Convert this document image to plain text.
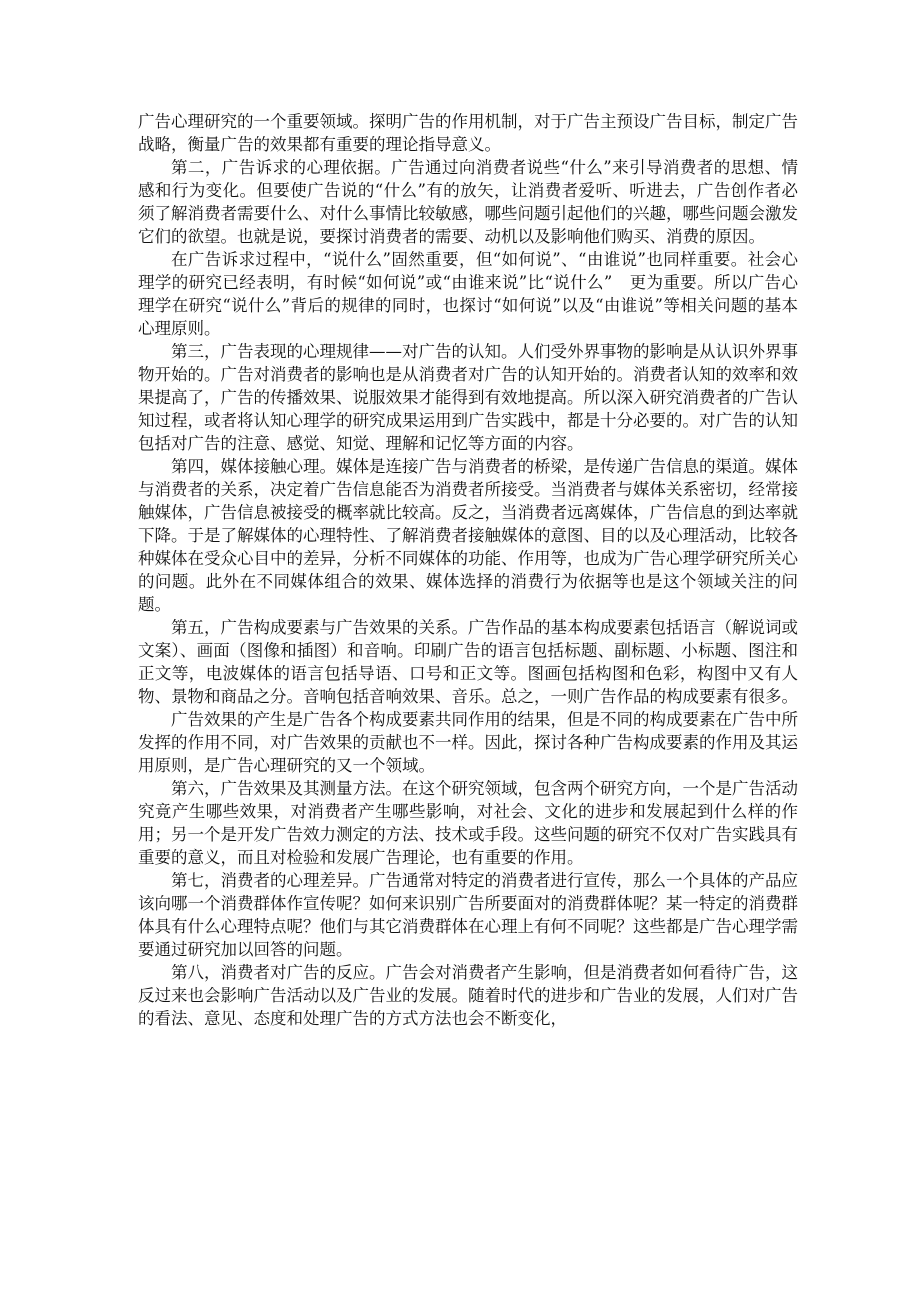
广告心理研究的一个重要领域。探明广告的作用机制，对于广告主预设广告目标，制定广告战略，衡量广告的效果都有重要的理论指导意义。

第二，广告诉求的心理依据。广告通过向消费者说些“什么”来引导消费者的思想、情感和行为变化。但要使广告说的“什么”有的放矢，让消费者爱听、听进去，广告创作者必须了解消费者需要什么、对什么事情比较敏感，哪些问题引起他们的兴趣，哪些问题会激发它们的欲望。也就是说，要探讨消费者的需要、动机以及影响他们购买、消费的原因。

在广告诉求过程中，“说什么”固然重要，但“如何说”、“由谁说”也同样重要。社会心理学的研究已经表明，有时候“如何说”或“由谁来说”比“说什么”　更为重要。所以广告心理学在研究“说什么”背后的规律的同时，也探讨“如何说”以及“由谁说”等相关问题的基本心理原则。

第三，广告表现的心理规律——对广告的认知。人们受外界事物的影响是从认识外界事物开始的。广告对消费者的影响也是从消费者对广告的认知开始的。消费者认知的效率和效果提高了，广告的传播效果、说服效果才能得到有效地提高。所以深入研究消费者的广告认知过程，或者将认知心理学的研究成果运用到广告实践中，都是十分必要的。对广告的认知包括对广告的注意、感觉、知觉、理解和记忆等方面的内容。

第四，媒体接触心理。媒体是连接广告与消费者的桥梁，是传递广告信息的渠道。媒体与消费者的关系，决定着广告信息能否为消费者所接受。当消费者与媒体关系密切，经常接触媒体，广告信息被接受的概率就比较高。反之，当消费者远离媒体，广告信息的到达率就下降。于是了解媒体的心理特性、了解消费者接触媒体的意图、目的以及心理活动，比较各种媒体在受众心目中的差异，分析不同媒体的功能、作用等，也成为广告心理学研究所关心的问题。此外在不同媒体组合的效果、媒体选择的消费行为依据等也是这个领域关注的问题。

第五，广告构成要素与广告效果的关系。广告作品的基本构成要素包括语言（解说词或文案）、画面（图像和插图）和音响。印刷广告的语言包括标题、副标题、小标题、图注和正文等，电波媒体的语言包括导语、口号和正文等。图画包括构图和色彩，构图中又有人物、景物和商品之分。音响包括音响效果、音乐。总之，一则广告作品的构成要素有很多。

广告效果的产生是广告各个构成要素共同作用的结果，但是不同的构成要素在广告中所发挥的作用不同，对广告效果的贡献也不一样。因此，探讨各种广告构成要素的作用及其运用原则，是广告心理研究的又一个领域。

第六，广告效果及其测量方法。在这个研究领域，包含两个研究方向，一个是广告活动究竟产生哪些效果，对消费者产生哪些影响，对社会、文化的进步和发展起到什么样的作用；另一个是开发广告效力测定的方法、技术或手段。这些问题的研究不仅对广告实践具有重要的意义，而且对检验和发展广告理论，也有重要的作用。

第七，消费者的心理差异。广告通常对特定的消费者进行宣传，那么一个具体的产品应该向哪一个消费群体作宣传呢？如何来识别广告所要面对的消费群体呢？某一特定的消费群体具有什么心理特点呢？他们与其它消费群体在心理上有何不同呢？这些都是广告心理学需要通过研究加以回答的问题。

第八，消费者对广告的反应。广告会对消费者产生影响，但是消费者如何看待广告，这反过来也会影响广告活动以及广告业的发展。随着时代的进步和广告业的发展，人们对广告的看法、意见、态度和处理广告的方式方法也会不断变化，
